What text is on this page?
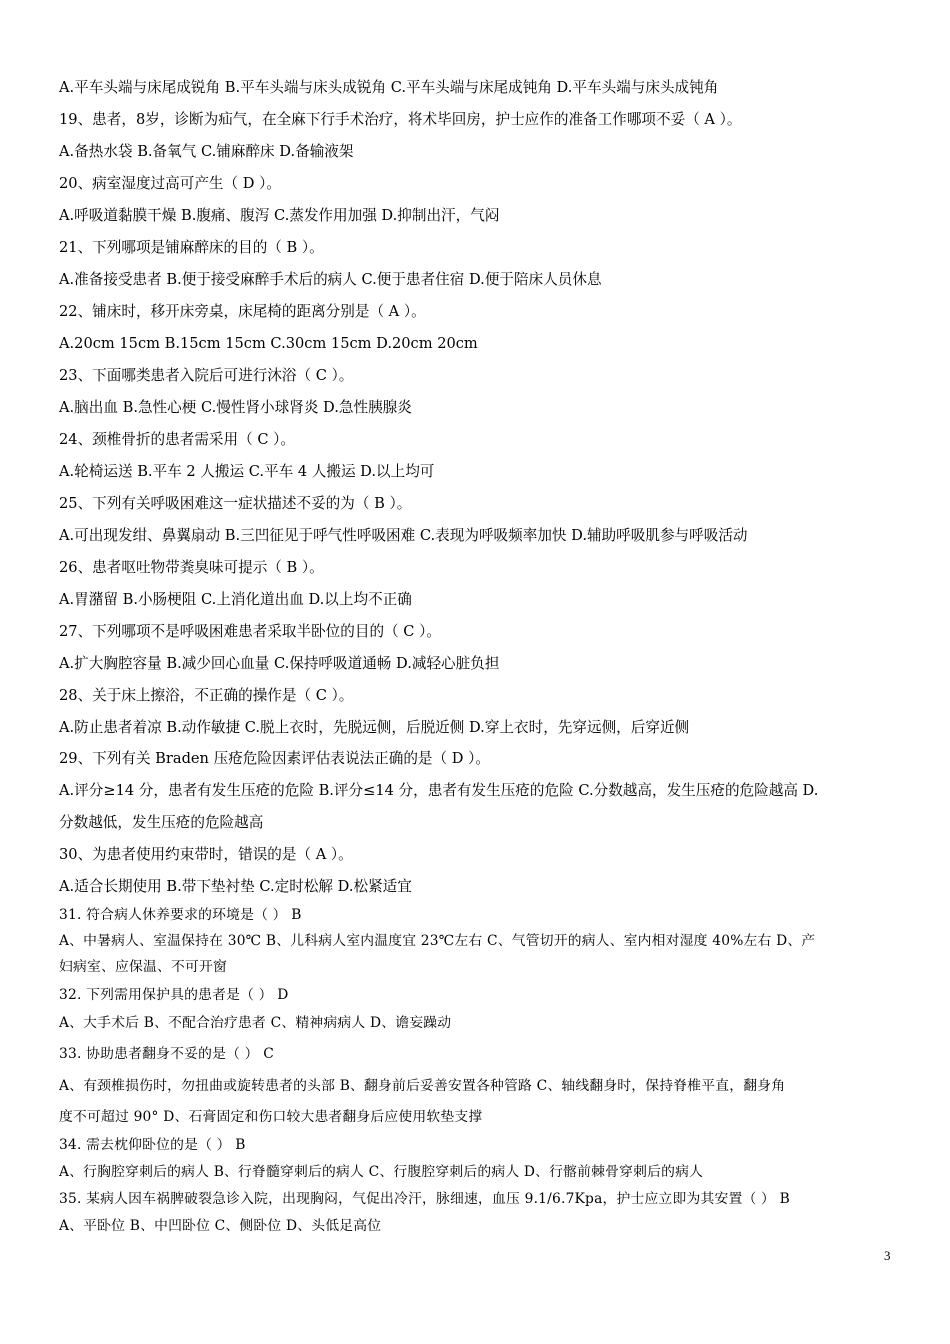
A.平车头端与床尾成锐角 B.平车头端与床头成锐角 C.平车头端与床尾成钝角 D.平车头端与床头成钝角
19、患者，8岁，诊断为疝气，在全麻下行手术治疗，将术毕回房，护士应作的准备工作哪项不妥（ A ）。
A.备热水袋 B.备氧气 C.铺麻醉床 D.备输液架
20、病室湿度过高可产生（ D ）。
A.呼吸道黏膜干燥 B.腹痛、腹泻 C.蒸发作用加强 D.抑制出汗，气闷
21、下列哪项是铺麻醉床的目的（ B ）。
A.准备接受患者 B.便于接受麻醉手术后的病人 C.便于患者住宿 D.便于陪床人员休息
22、铺床时，移开床旁桌，床尾椅的距离分别是（ A ）。
A.20cm 15cm B.15cm 15cm C.30cm 15cm D.20cm 20cm
23、下面哪类患者入院后可进行沐浴（ C ）。
A.脑出血 B.急性心梗 C.慢性肾小球肾炎 D.急性胰腺炎
24、颈椎骨折的患者需采用（ C ）。
A.轮椅运送 B.平车 2 人搬运 C.平车 4 人搬运 D.以上均可
25、下列有关呼吸困难这一症状描述不妥的为（ B ）。
A.可出现发绀、鼻翼扇动 B.三凹征见于呼气性呼吸困难 C.表现为呼吸频率加快 D.辅助呼吸肌参与呼吸活动
26、患者呕吐物带粪臭味可提示（ B ）。
A.胃潴留 B.小肠梗阻 C.上消化道出血 D.以上均不正确
27、下列哪项不是呼吸困难患者采取半卧位的目的（ C ）。
A.扩大胸腔容量 B.减少回心血量 C.保持呼吸道通畅 D.减轻心脏负担
28、关于床上擦浴，不正确的操作是（ C ）。
A.防止患者着凉 B.动作敏捷 C.脱上衣时，先脱远侧，后脱近侧 D.穿上衣时，先穿远侧，后穿近侧
29、下列有关 Braden 压疮危险因素评估表说法正确的是（ D ）。
A.评分≥14 分，患者有发生压疮的危险 B.评分≤14 分，患者有发生压疮的危险 C.分数越高，发生压疮的危险越高 D.
分数越低，发生压疮的危险越高
30、为患者使用约束带时，错误的是（ A ）。
A.适合长期使用 B.带下垫衬垫 C.定时松解 D.松紧适宜
31. 符合病人休养要求的环境是（ ） B
A、中暑病人、室温保持在 30℃ B、儿科病人室内温度宜 23℃左右 C、气管切开的病人、室内相对湿度 40%左右 D、产
妇病室、应保温、不可开窗
32. 下列需用保护具的患者是（ ） D
A、大手术后 B、不配合治疗患者 C、精神病病人 D、谵妄躁动
33. 协助患者翻身不妥的是（ ） C
A、有颈椎损伤时，勿扭曲或旋转患者的头部 B、翻身前后妥善安置各种管路 C、轴线翻身时，保持脊椎平直，翻身角
度不可超过 90° D、石膏固定和伤口较大患者翻身后应使用软垫支撑
34. 需去枕仰卧位的是（ ） B
A、行胸腔穿刺后的病人 B、行脊髓穿刺后的病人 C、行腹腔穿刺后的病人 D、行髂前棘骨穿刺后的病人
35. 某病人因车祸脾破裂急诊入院，出现胸闷，气促出冷汗，脉细速，血压 9.1/6.7Kpa，护士应立即为其安置（ ） B
A、平卧位 B、中凹卧位 C、侧卧位 D、头低足高位
3
